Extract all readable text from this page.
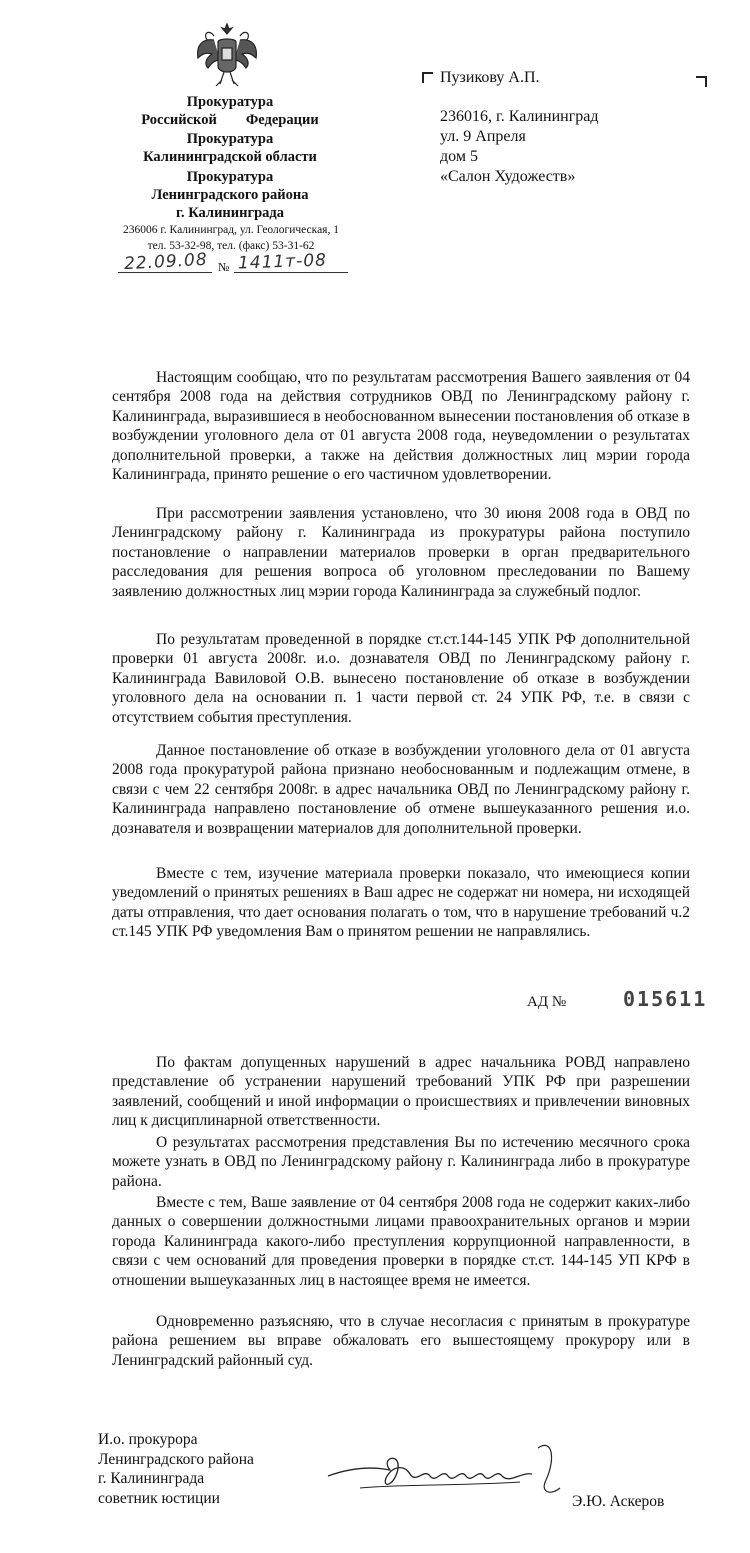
Прокуратура
Российской        Федерации
Прокуратура
Калининградской области
Прокуратура
Ленинградского района
г. Калининграда
236006 г. Калининград, ул. Геологическая, 1
тел. 53-32-98, тел. (факс) 53-31-62
22.09.08 № 1411т-08
Пузикову А.П.
236016, г. Калининград
ул. 9 Апреля
дом 5
«Салон Художеств»

Настоящим сообщаю, что по результатам рассмотрения Вашего заявления от 04 сентября 2008 года на действия сотрудников ОВД по Ленинградскому району г. Калининграда, выразившиеся в необоснованном вынесении постановления об отказе в возбуждении уголовного дела от 01 августа 2008 года, неуведомлении о результатах дополнительной проверки, а также на действия должностных лиц мэрии города Калининграда, принято решение о его частичном удовлетворении.

При рассмотрении заявления установлено, что 30 июня 2008 года в ОВД по Ленинградскому району г. Калининграда из прокуратуры района поступило постановление о направлении материалов проверки в орган предварительного расследования для решения вопроса об уголовном преследовании по Вашему заявлению должностных лиц мэрии города Калининграда за служебный подлог.

По результатам проведенной в порядке ст.ст.144-145 УПК РФ дополнительной проверки 01 августа 2008г. и.о. дознавателя ОВД по Ленинградскому району г. Калининграда Вавиловой О.В. вынесено постановление об отказе в возбуждении уголовного дела на основании п. 1 части первой ст. 24 УПК РФ, т.е. в связи с отсутствием события преступления.

Данное постановление об отказе в возбуждении уголовного дела от 01 августа 2008 года прокуратурой района признано необоснованным и подлежащим отмене, в связи с чем 22 сентября 2008г. в адрес начальника ОВД по Ленинградскому району г. Калининграда направлено постановление об отмене вышеуказанного решения и.о. дознавателя и возвращении материалов для дополнительной проверки.

Вместе с тем, изучение материала проверки показало, что имеющиеся копии уведомлений о принятых решениях в Ваш адрес не содержат ни номера, ни исходящей даты отправления, что дает основания полагать о том, что в нарушение требований ч.2 ст.145 УПК РФ уведомления Вам о принятом решении не направлялись.

АД №	015611

По фактам допущенных нарушений в адрес начальника РОВД направлено представление об устранении нарушений требований УПК РФ при разрешении заявлений, сообщений и иной информации о происшествиях и привлечении виновных лиц к дисциплинарной ответственности.

О результатах рассмотрения представления Вы по истечению месячного срока можете узнать в ОВД по Ленинградскому району г. Калининграда либо в прокуратуре района.

Вместе с тем, Ваше заявление от 04 сентября 2008 года не содержит каких-либо данных о совершении должностными лицами правоохранительных органов и мэрии города Калининграда какого-либо преступления коррупционной направленности, в связи с чем оснований для проведения проверки в порядке ст.ст. 144-145 УП КРФ в отношении вышеуказанных лиц в настоящее время не имеется.

Одновременно разъясняю, что в случае несогласия с принятым в прокуратуре района решением вы вправе обжаловать его вышестоящему прокурору или в Ленинградский районный суд.

И.о. прокурора
Ленинградского района
г. Калининграда
советник юстиции	Э.Ю. Аскеров
